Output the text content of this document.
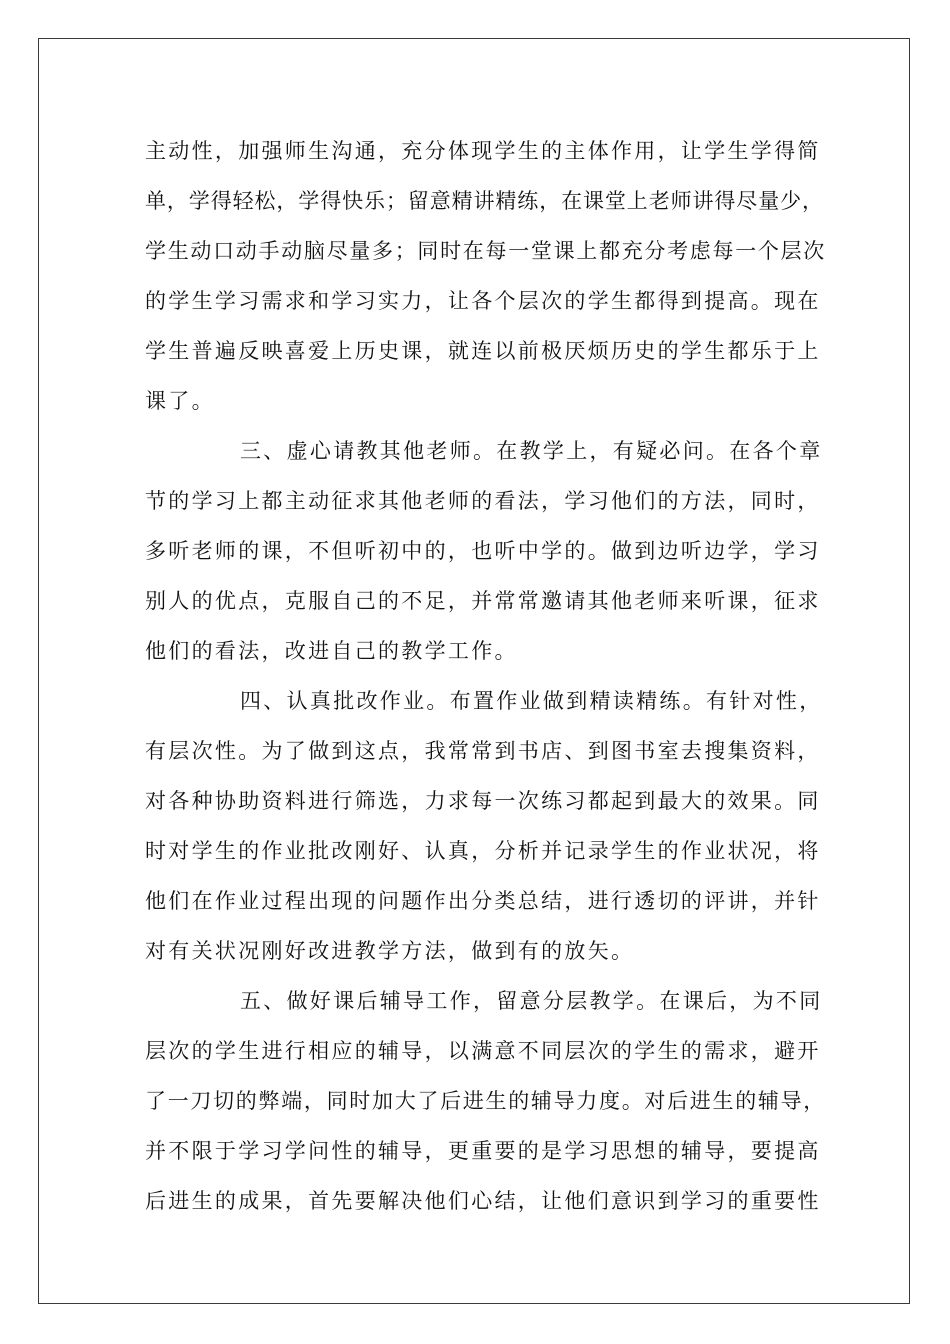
主动性，加强师生沟通，充分体现学生的主体作用，让学生学得简
单，学得轻松，学得快乐；留意精讲精练，在课堂上老师讲得尽量少，
学生动口动手动脑尽量多；同时在每一堂课上都充分考虑每一个层次
的学生学习需求和学习实力，让各个层次的学生都得到提高。现在
学生普遍反映喜爱上历史课，就连以前极厌烦历史的学生都乐于上
课了。
三、虚心请教其他老师。在教学上，有疑必问。在各个章
节的学习上都主动征求其他老师的看法，学习他们的方法，同时，
多听老师的课，不但听初中的，也听中学的。做到边听边学，学习
别人的优点，克服自己的不足，并常常邀请其他老师来听课，征求
他们的看法，改进自己的教学工作。
四、认真批改作业。布置作业做到精读精练。有针对性，
有层次性。为了做到这点，我常常到书店、到图书室去搜集资料，
对各种协助资料进行筛选，力求每一次练习都起到最大的效果。同
时对学生的作业批改刚好、认真，分析并记录学生的作业状况，将
他们在作业过程出现的问题作出分类总结，进行透切的评讲，并针
对有关状况刚好改进教学方法，做到有的放矢。
五、做好课后辅导工作，留意分层教学。在课后，为不同
层次的学生进行相应的辅导，以满意不同层次的学生的需求，避开
了一刀切的弊端，同时加大了后进生的辅导力度。对后进生的辅导，
并不限于学习学问性的辅导，更重要的是学习思想的辅导，要提高
后进生的成果，首先要解决他们心结，让他们意识到学习的重要性
